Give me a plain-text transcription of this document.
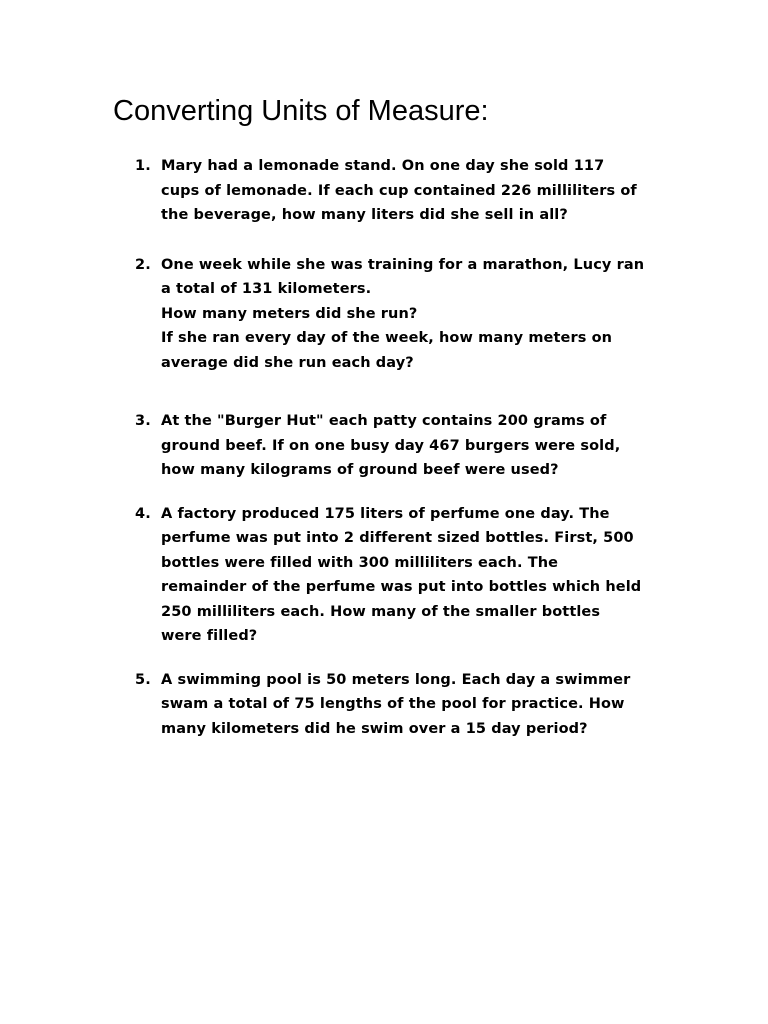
Converting Units of Measure:
1. Mary had a lemonade stand. On one day she sold 117
cups of lemonade. If each cup contained 226 milliliters of
the beverage, how many liters did she sell in all?
2. One week while she was training for a marathon, Lucy ran
a total of 131 kilometers.
How many meters did she run?
If she ran every day of the week, how many meters on
average did she run each day?
3. At the "Burger Hut" each patty contains 200 grams of
ground beef. If on one busy day 467 burgers were sold,
how many kilograms of ground beef were used?
4. A factory produced 175 liters of perfume one day. The
perfume was put into 2 different sized bottles. First, 500
bottles were filled with 300 milliliters each. The
remainder of the perfume was put into bottles which held
250 milliliters each. How many of the smaller bottles
were filled?
5. A swimming pool is 50 meters long. Each day a swimmer
swam a total of 75 lengths of the pool for practice. How
many kilometers did he swim over a 15 day period?
